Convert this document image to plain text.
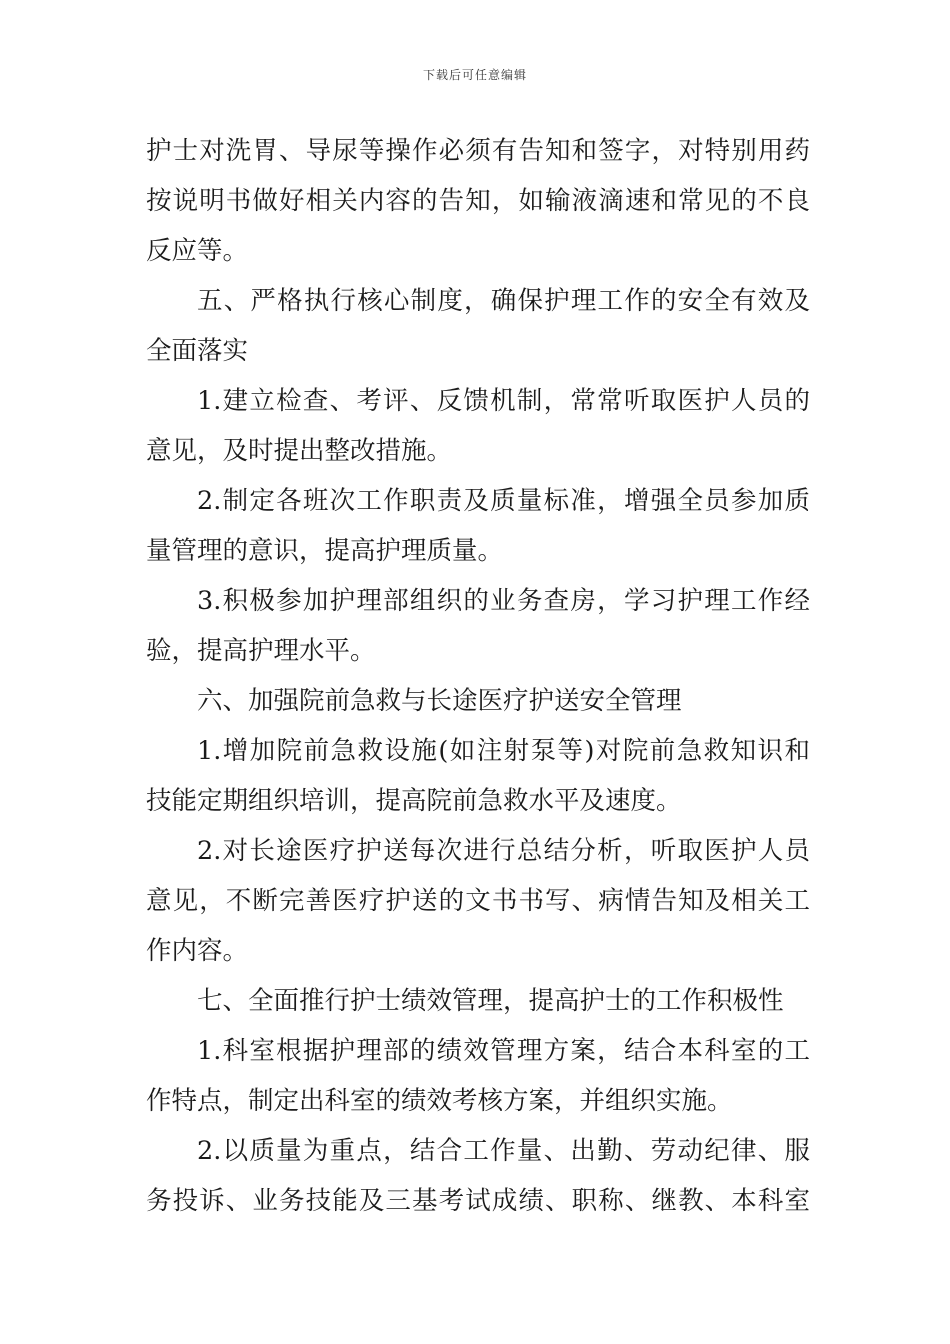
下载后可任意编辑
护士对洗胃、导尿等操作必须有告知和签字，对特别用药
按说明书做好相关内容的告知，如输液滴速和常见的不良
反应等。
五、严格执行核心制度，确保护理工作的安全有效及
全面落实
1.建立检查、考评、反馈机制，常常听取医护人员的
意见，及时提出整改措施。
2.制定各班次工作职责及质量标准，增强全员参加质
量管理的意识，提高护理质量。
3.积极参加护理部组织的业务查房，学习护理工作经
验，提高护理水平。
六、加强院前急救与长途医疗护送安全管理
1.增加院前急救设施(如注射泵等)对院前急救知识和
技能定期组织培训，提高院前急救水平及速度。
2.对长途医疗护送每次进行总结分析，听取医护人员
意见，不断完善医疗护送的文书书写、病情告知及相关工
作内容。
七、全面推行护士绩效管理，提高护士的工作积极性
1.科室根据护理部的绩效管理方案，结合本科室的工
作特点，制定出科室的绩效考核方案，并组织实施。
2.以质量为重点，结合工作量、出勤、劳动纪律、服
务投诉、业务技能及三基考试成绩、职称、继教、本科室
